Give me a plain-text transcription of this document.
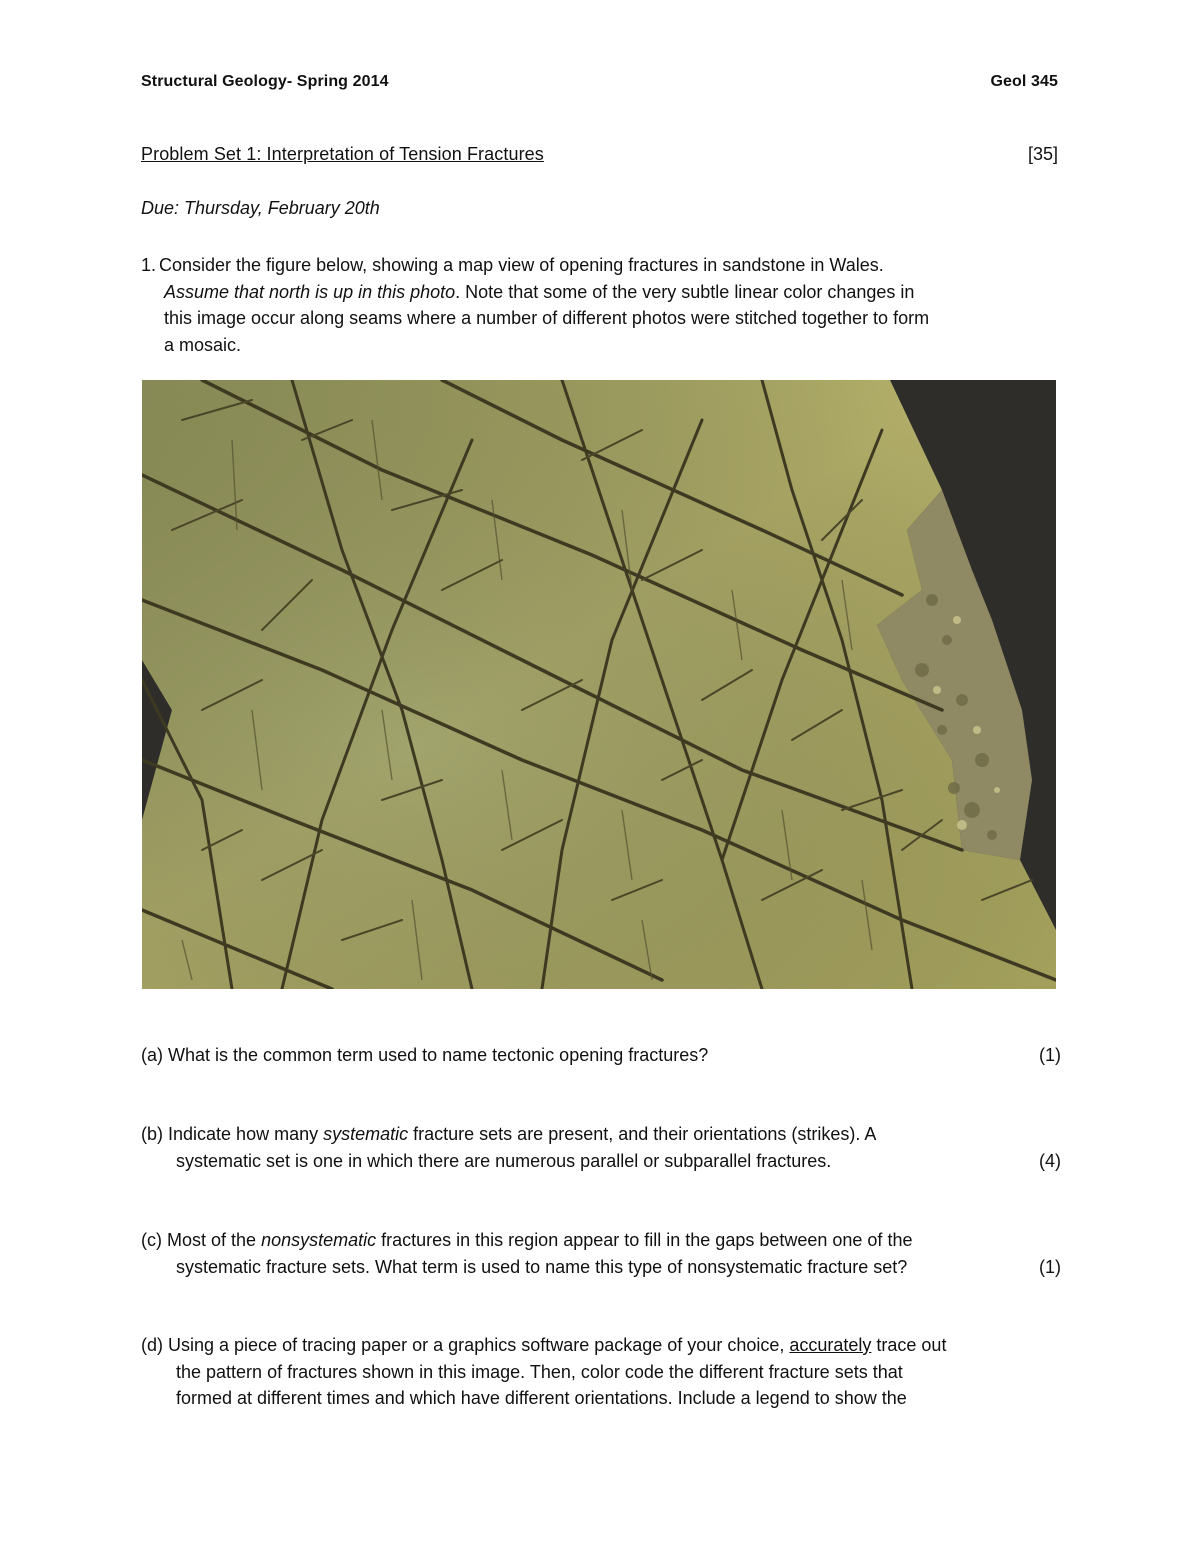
Structural Geology- Spring 2014	Geol 345
Problem Set 1: Interpretation of Tension Fractures	[35]
Due: Thursday, February 20th
1. Consider the figure below, showing a map view of opening fractures in sandstone in Wales.
Assume that north is up in this photo. Note that some of the very subtle linear color changes in
this image occur along seams where a number of different photos were stitched together to form
a mosaic.
(a) What is the common term used to name tectonic opening fractures?	(1)
(b) Indicate how many systematic fracture sets are present, and their orientations (strikes). A
systematic set is one in which there are numerous parallel or subparallel fractures.	(4)
(c) Most of the nonsystematic fractures in this region appear to fill in the gaps between one of the
systematic fracture sets. What term is used to name this type of nonsystematic fracture set?	(1)
(d) Using a piece of tracing paper or a graphics software package of your choice, accurately trace out
the pattern of fractures shown in this image. Then, color code the different fracture sets that
formed at different times and which have different orientations. Include a legend to show the
